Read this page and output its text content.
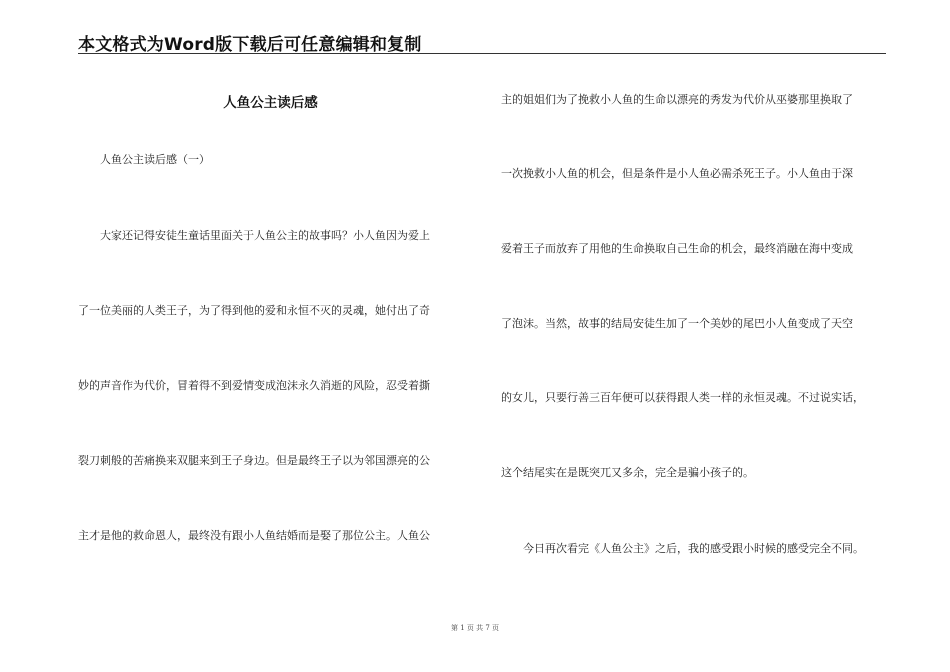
本文格式为Word版下载后可任意编辑和复制
人鱼公主读后感
人鱼公主读后感（一）
大家还记得安徒生童话里面关于人鱼公主的故事吗？小人鱼因为爱上
了一位美丽的人类王子，为了得到他的爱和永恒不灭的灵魂，她付出了奇
妙的声音作为代价，冒着得不到爱情变成泡沫永久消逝的风险，忍受着撕
裂刀刺般的苦痛换来双腿来到王子身边。但是最终王子以为邻国漂亮的公
主才是他的救命恩人，最终没有跟小人鱼结婚而是娶了那位公主。人鱼公
主的姐姐们为了挽救小人鱼的生命以漂亮的秀发为代价从巫婆那里换取了
一次挽救小人鱼的机会，但是条件是小人鱼必需杀死王子。小人鱼由于深
爱着王子而放弃了用他的生命换取自己生命的机会，最终消融在海中变成
了泡沫。当然，故事的结局安徒生加了一个美妙的尾巴小人鱼变成了天空
的女儿，只要行善三百年便可以获得跟人类一样的永恒灵魂。不过说实话，
这个结尾实在是既突兀又多余，完全是骗小孩子的。
今日再次看完《人鱼公主》之后，我的感受跟小时候的感受完全不同。
第 1 页 共 7 页
